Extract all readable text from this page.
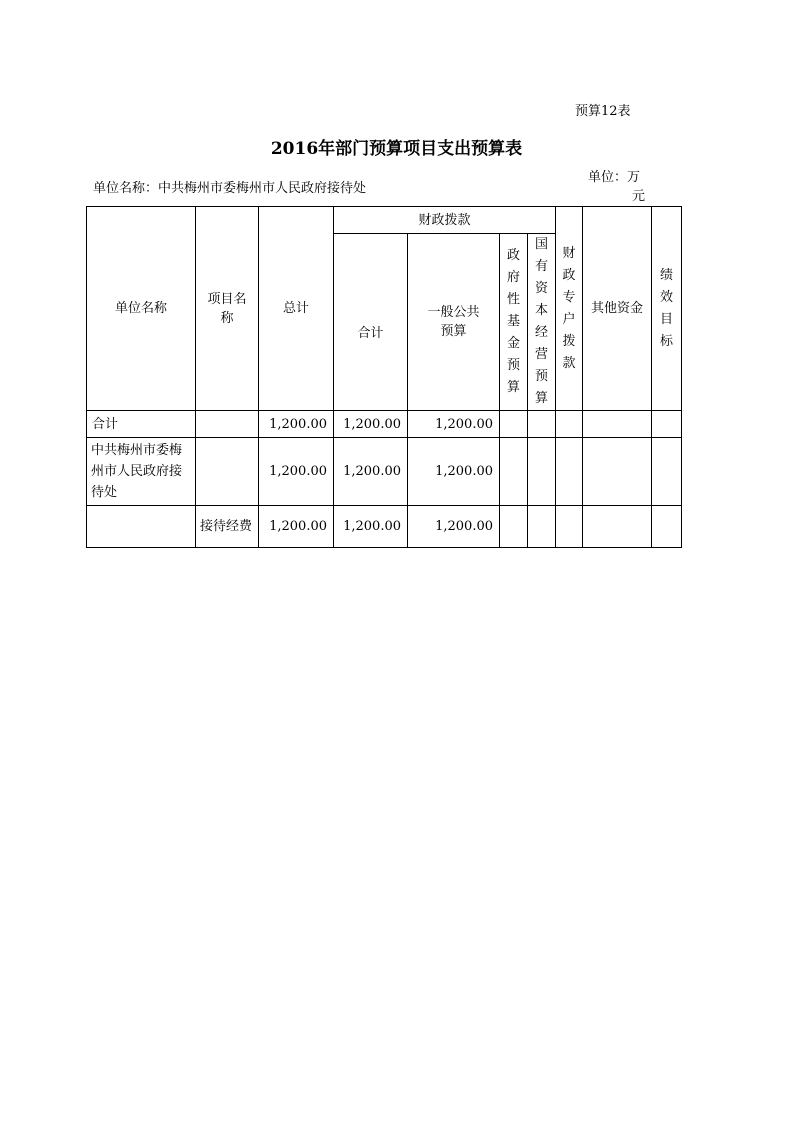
预算12表
2016年部门预算项目支出预算表
单位名称：中共梅州市委梅州市人民政府接待处
单位：万
元
单位名称	项目名称	总计	财政拨款				财政专户拨款	其他资金	绩效目标
			合计	一般公共预算	政府性基金预算	国有资本经营预算			
合计		1,200.00	1,200.00	1,200.00					
中共梅州市委梅州市人民政府接待处		1,200.00	1,200.00	1,200.00					
	接待经费	1,200.00	1,200.00	1,200.00					
